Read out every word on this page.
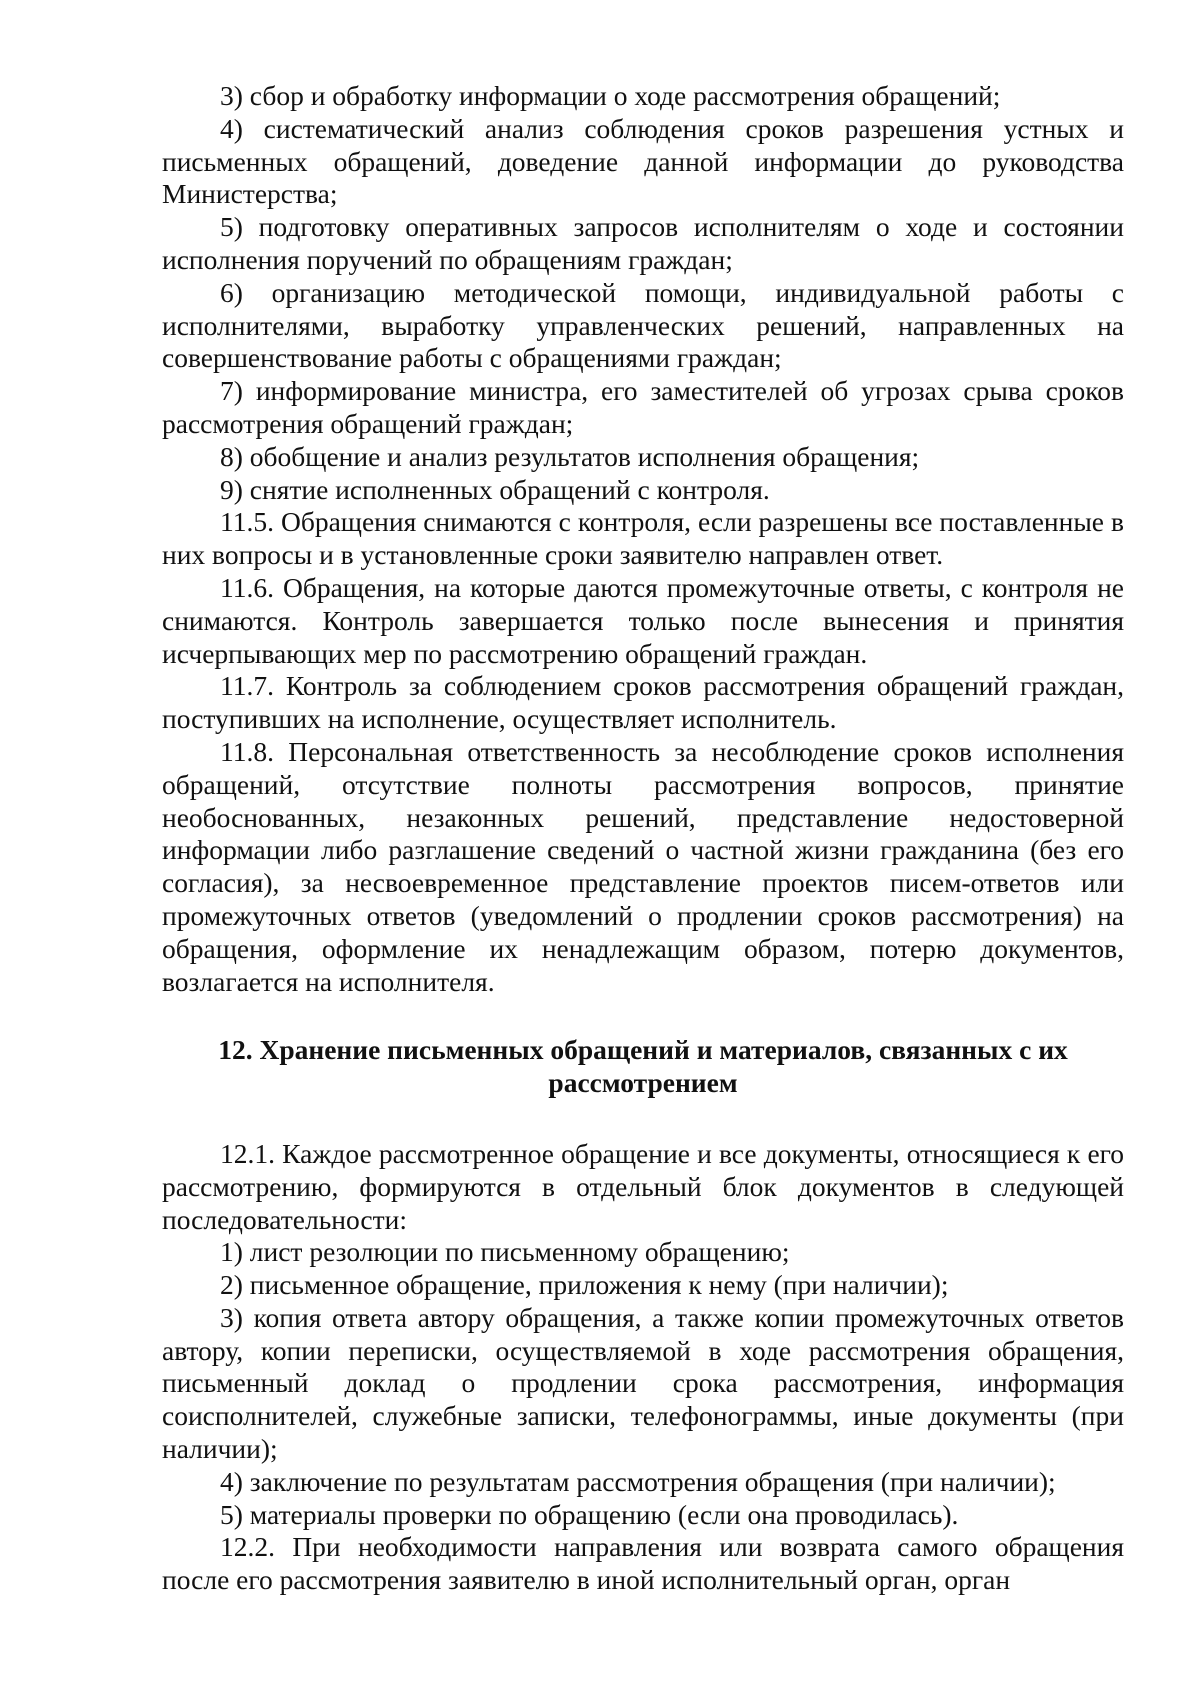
3) сбор и обработку информации о ходе рассмотрения обращений;

4) систематический анализ соблюдения сроков разрешения устных и письменных обращений, доведение данной информации до руководства Министерства;

5) подготовку оперативных запросов исполнителям о ходе и состоянии исполнения поручений по обращениям граждан;

6) организацию методической помощи, индивидуальной работы с исполнителями, выработку управленческих решений, направленных на совершенствование работы с обращениями граждан;

7) информирование министра, его заместителей об угрозах срыва сроков рассмотрения обращений граждан;

8) обобщение и анализ результатов исполнения обращения;

9) снятие исполненных обращений с контроля.

11.5. Обращения снимаются с контроля, если разрешены все поставленные в них вопросы и в установленные сроки заявителю направлен ответ.

11.6. Обращения, на которые даются промежуточные ответы, с контроля не снимаются. Контроль завершается только после вынесения и принятия исчерпывающих мер по рассмотрению обращений граждан.

11.7. Контроль за соблюдением сроков рассмотрения обращений граждан, поступивших на исполнение, осуществляет исполнитель.

11.8. Персональная ответственность за несоблюдение сроков исполнения обращений, отсутствие полноты рассмотрения вопросов, принятие необоснованных, незаконных решений, представление недостоверной информации либо разглашение сведений о частной жизни гражданина (без его согласия), за несвоевременное представление проектов писем-ответов или промежуточных ответов (уведомлений о продлении сроков рассмотрения) на обращения, оформление их ненадлежащим образом, потерю документов, возлагается на исполнителя.

12. Хранение письменных обращений и материалов, связанных с их рассмотрением

12.1. Каждое рассмотренное обращение и все документы, относящиеся к его рассмотрению, формируются в отдельный блок документов в следующей последовательности:

1) лист резолюции по письменному обращению;

2) письменное обращение, приложения к нему (при наличии);

3) копия ответа автору обращения, а также копии промежуточных ответов автору, копии переписки, осуществляемой в ходе рассмотрения обращения, письменный доклад о продлении срока рассмотрения, информация соисполнителей, служебные записки, телефонограммы, иные документы (при наличии);

4) заключение по результатам рассмотрения обращения (при наличии);

5) материалы проверки по обращению (если она проводилась).

12.2. При необходимости направления или возврата самого обращения после его рассмотрения заявителю в иной исполнительный орган, орган
